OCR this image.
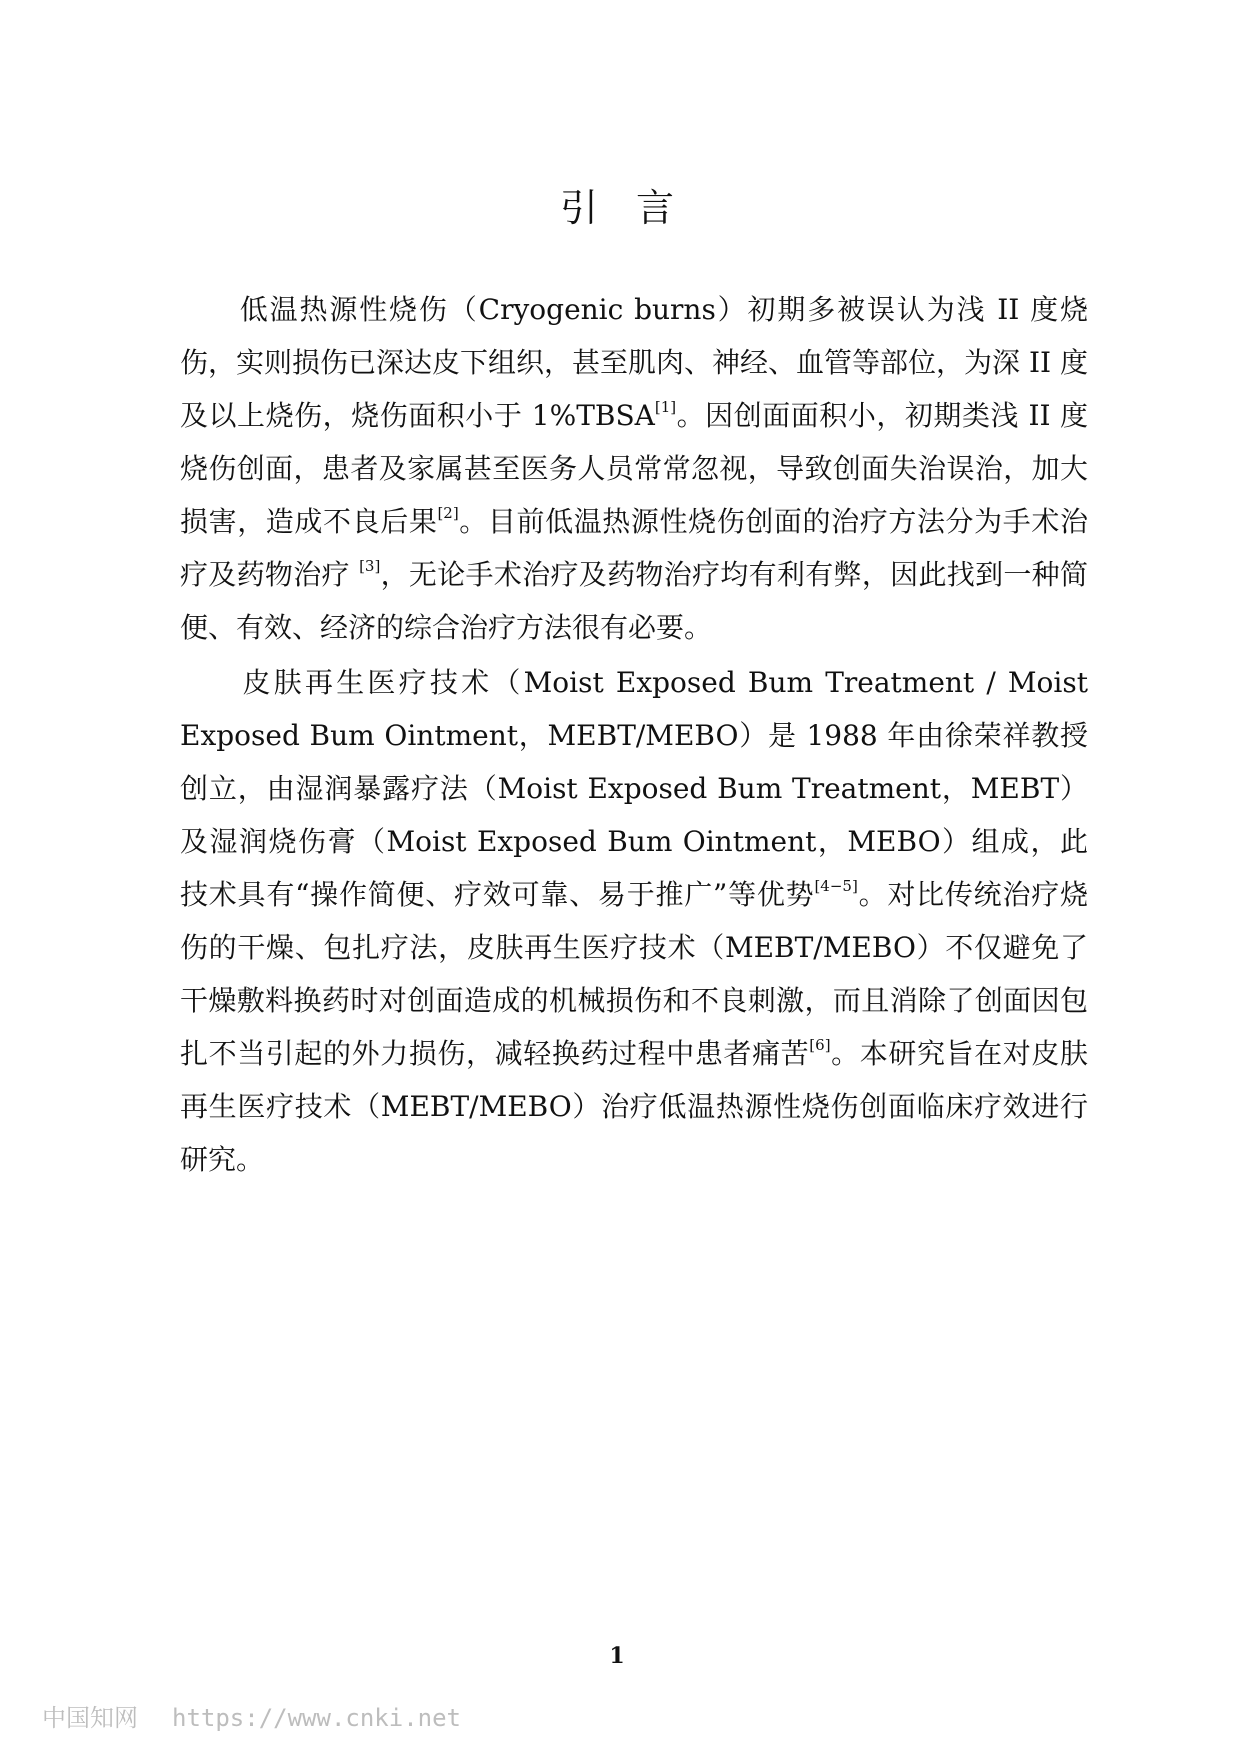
引言

　　低温热源性烧伤（Cryogenic burns）初期多被误认为浅 II 度烧伤，实则损伤已深达皮下组织，甚至肌肉、神经、血管等部位，为深 II 度及以上烧伤，烧伤面积小于 1%TBSA[1]。因创面面积小，初期类浅 II 度烧伤创面，患者及家属甚至医务人员常常忽视，导致创面失治误治，加大损害，造成不良后果[2]。目前低温热源性烧伤创面的治疗方法分为手术治疗及药物治疗 [3]，无论手术治疗及药物治疗均有利有弊，因此找到一种简便、有效、经济的综合治疗方法很有必要。

　　皮肤再生医疗技术（Moist Exposed Bum Treatment / Moist Exposed Bum Ointment，MEBT/MEBO）是 1988 年由徐荣祥教授创立，由湿润暴露疗法（Moist Exposed Bum Treatment，MEBT）及湿润烧伤膏（Moist Exposed Bum Ointment，MEBO）组成，此技术具有“操作简便、疗效可靠、易于推广”等优势[4−5]。对比传统治疗烧伤的干燥、包扎疗法，皮肤再生医疗技术（MEBT/MEBO）不仅避免了干燥敷料换药时对创面造成的机械损伤和不良刺激，而且消除了创面因包扎不当引起的外力损伤，减轻换药过程中患者痛苦[6]。本研究旨在对皮肤再生医疗技术（MEBT/MEBO）治疗低温热源性烧伤创面临床疗效进行研究。

1
中国知网 https://www.cnki.net
